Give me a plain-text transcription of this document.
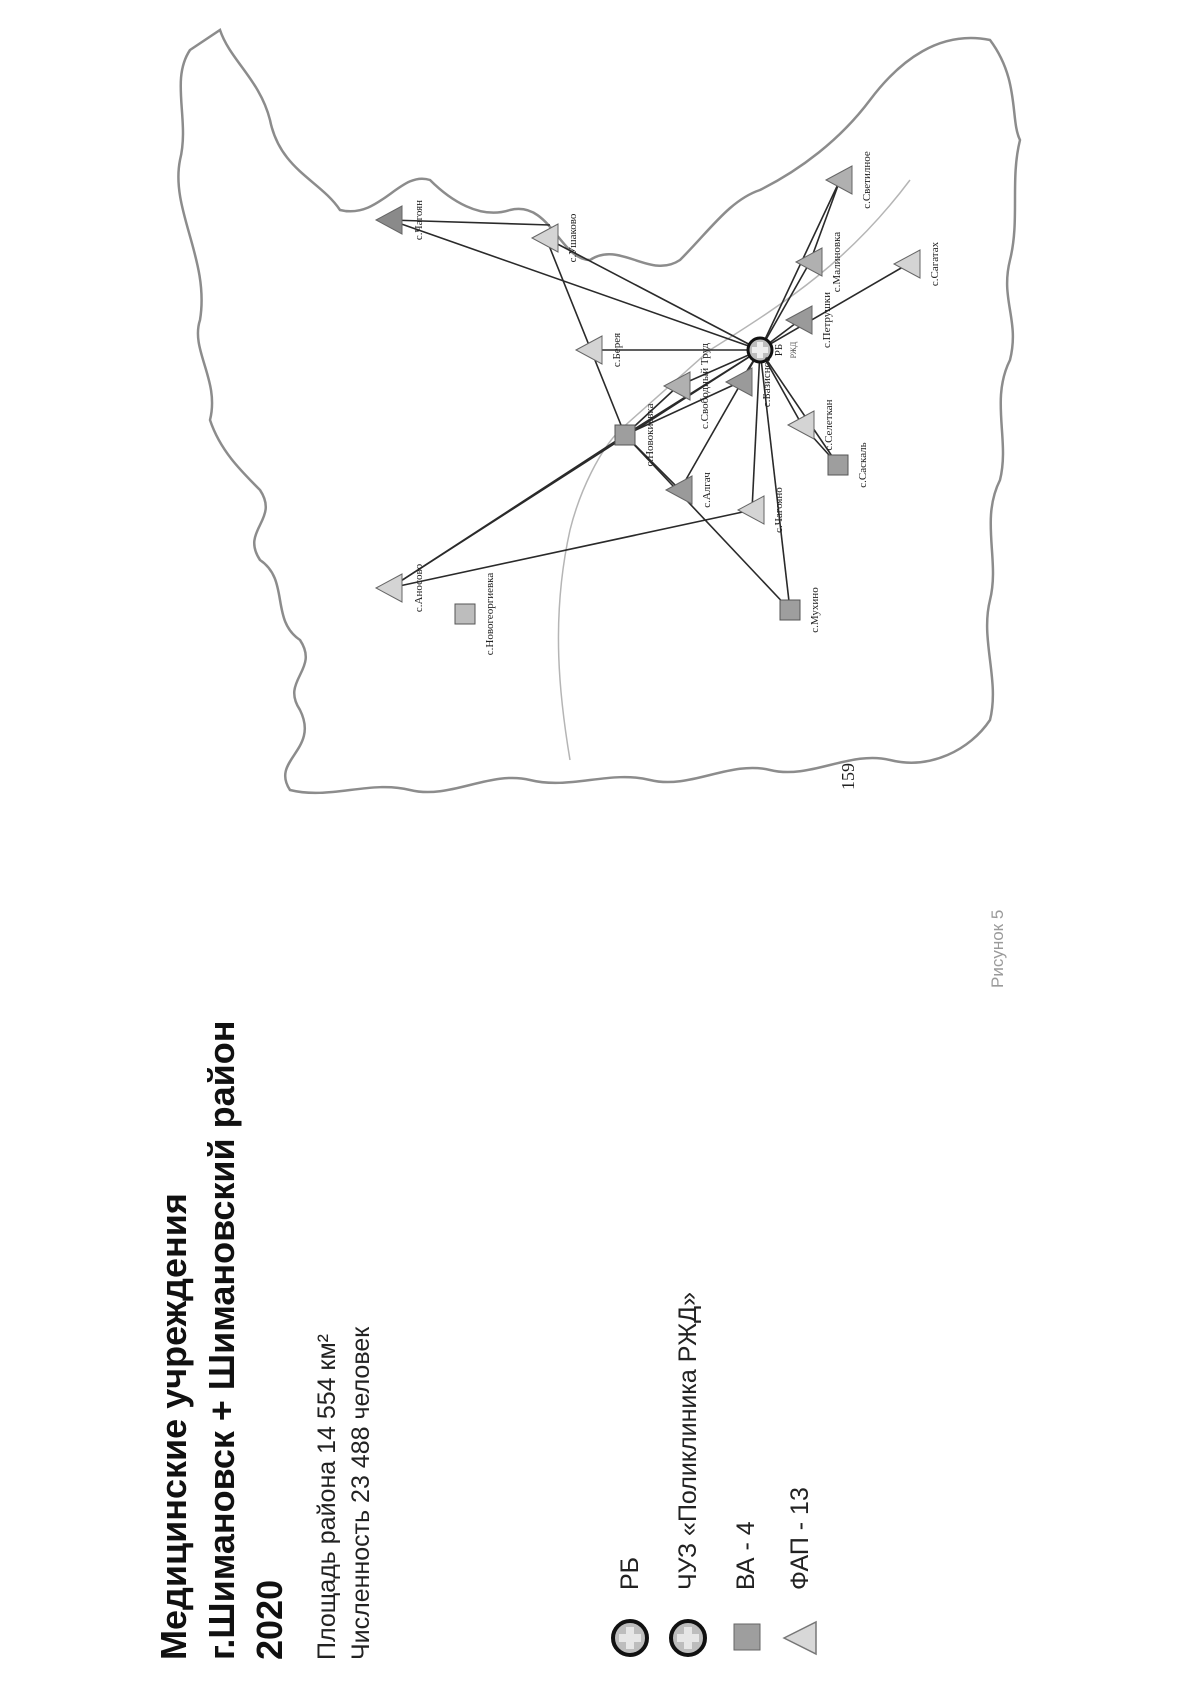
159
Медицинские учреждения г.Шимановск + Шимановский район 2020 Площадь района 14 554 км² Численность 23 488 человек	РБ ЧУЗ «Поликлиника РЖД» ВА - 4 ФАП - 13
Рисунок 5
РБ РЖД
с.Аносово	с.Мухино
с.Чагоян
с.Новогеоргиевка
с.Новокиевка
с.Ушаково
с.Саскаль
с.Алгач
с.Свободный Труд
с.Берея
с.Петрушки
с.Базисное
с.Малиновка
с.Светилное
с.Сагатах
с.Селеткан
с.Чагояно
